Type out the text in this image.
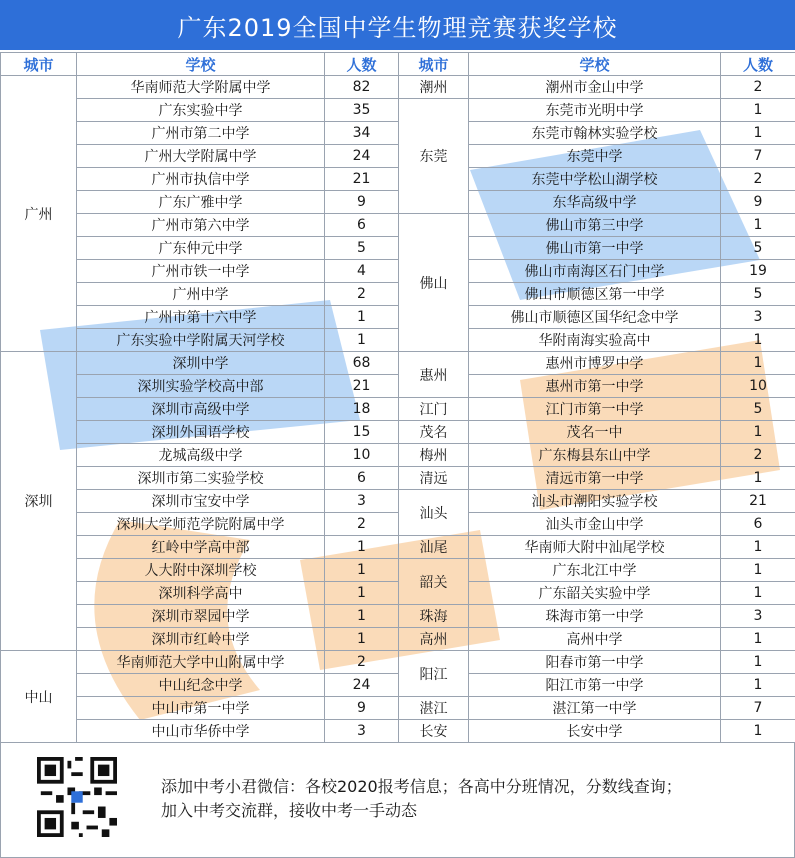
广东2019全国中学生物理竞赛获奖学校
城市	学校	人数	城市	学校	人数
广州	华南师范大学附属中学	82	潮州	潮州市金山中学	2
	广东实验中学	35	东莞	东莞市光明中学	1
	广州市第二中学	34		东莞市翰林实验学校	1
	广州大学附属中学	24		东莞中学	7
	广州市执信中学	21		东莞中学松山湖学校	2
	广东广雅中学	9		东华高级中学	9
	广州市第六中学	6	佛山	佛山市第三中学	1
	广东仲元中学	5		佛山市第一中学	5
	广州市铁一中学	4		佛山市南海区石门中学	19
	广州中学	2		佛山市顺德区第一中学	5
	广州市第十六中学	1		佛山市顺德区国华纪念中学	3
	广东实验中学附属天河学校	1		华附南海实验高中	1
深圳	深圳中学	68	惠州	惠州市博罗中学	1
	深圳实验学校高中部	21		惠州市第一中学	10
	深圳市高级中学	18	江门	江门市第一中学	5
	深圳外国语学校	15	茂名	茂名一中	1
	龙城高级中学	10	梅州	广东梅县东山中学	2
	深圳市第二实验学校	6	清远	清远市第一中学	1
	深圳市宝安中学	3	汕头	汕头市潮阳实验学校	21
	深圳大学师范学院附属中学	2		汕头市金山中学	6
	红岭中学高中部	1	汕尾	华南师大附中汕尾学校	1
	人大附中深圳学校	1	韶关	广东北江中学	1
	深圳科学高中	1		广东韶关实验中学	1
	深圳市翠园中学	1	珠海	珠海市第一中学	3
	深圳市红岭中学	1	高州	高州中学	1
中山	华南师范大学中山附属中学	2	阳江	阳春市第一中学	1
	中山纪念中学	24		阳江市第一中学	1
	中山市第一中学	9	湛江	湛江第一中学	7
	中山市华侨中学	3	长安	长安中学	1
添加中考小君微信：各校2020报考信息；各高中分班情况，分数线查询；
加入中考交流群，接收中考一手动态
